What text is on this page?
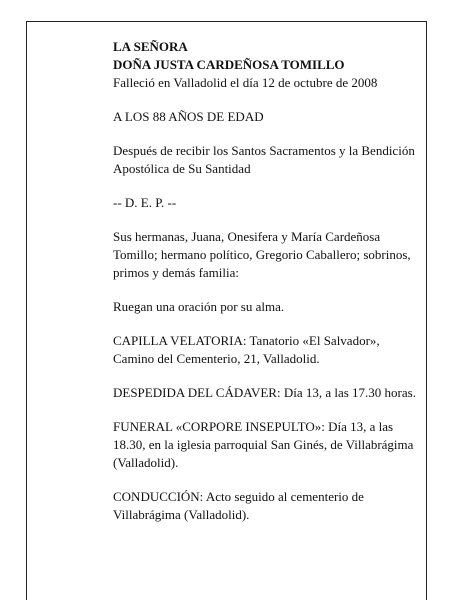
LA SEÑORA

DOÑA JUSTA CARDEÑOSA TOMILLO

Falleció en Valladolid el día 12 de octubre de 2008

A LOS 88 AÑOS DE EDAD

Después de recibir los Santos Sacramentos y la Bendición Apostólica de Su Santidad

-- D. E. P. --

Sus hermanas, Juana, Onesifera y María Cardeñosa Tomillo; hermano político, Gregorio Caballero; sobrinos, primos y demás familia:

Ruegan una oración por su alma.

CAPILLA VELATORIA: Tanatorio «El Salvador», Camino del Cementerio, 21, Valladolid.

DESPEDIDA DEL CÁDAVER: Día 13, a las 17.30 horas.

FUNERAL «CORPORE INSEPULTO»: Día 13, a las 18.30, en la iglesia parroquial San Ginés, de Villabrágima (Valladolid).

CONDUCCIÓN: Acto seguido al cementerio de Villabrágima (Valladolid).
